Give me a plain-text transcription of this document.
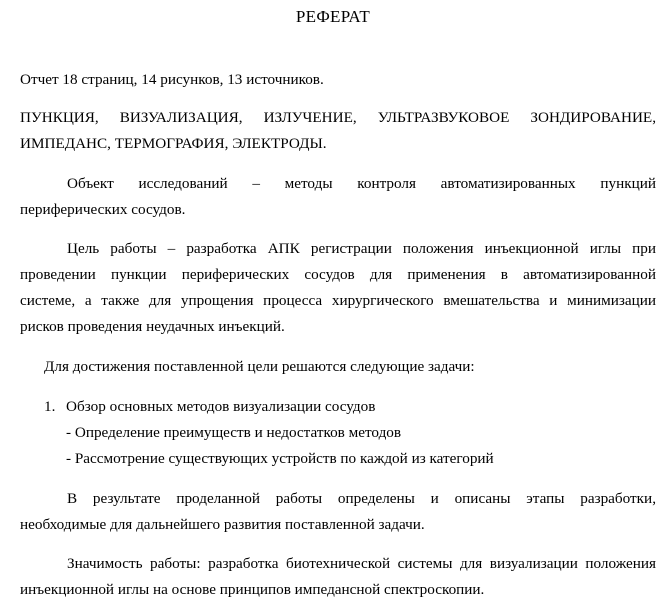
РЕФЕРАТ

Отчет 18 страниц, 14 рисунков, 13 источников.

ПУНКЦИЯ, ВИЗУАЛИЗАЦИЯ, ИЗЛУЧЕНИЕ, УЛЬТРАЗВУКОВОЕ ЗОНДИРОВАНИЕ,
ИМПЕДАНС, ТЕРМОГРАФИЯ, ЭЛЕКТРОДЫ.
Объект исследований – методы контроля автоматизированных пункций
периферических сосудов.
Цель работы – разработка АПК регистрации положения инъекционной иглы при
проведении пункции периферических сосудов для применения в автоматизированной
системе, а также для упрощения процесса хирургического вмешательства и минимизации
рисков проведения неудачных инъекций.

Для достижения поставленной цели решаются следующие задачи:

1. Обзор основных методов визуализации сосудов
- Определение преимуществ и недостатков методов
- Рассмотрение существующих устройств по каждой из категорий
В результате проделанной работы определены и описаны этапы разработки,
необходимые для дальнейшего развития поставленной задачи.
Значимость работы: разработка биотехнической системы для визуализации положения
инъекционной иглы на основе принципов импедансной спектроскопии.
